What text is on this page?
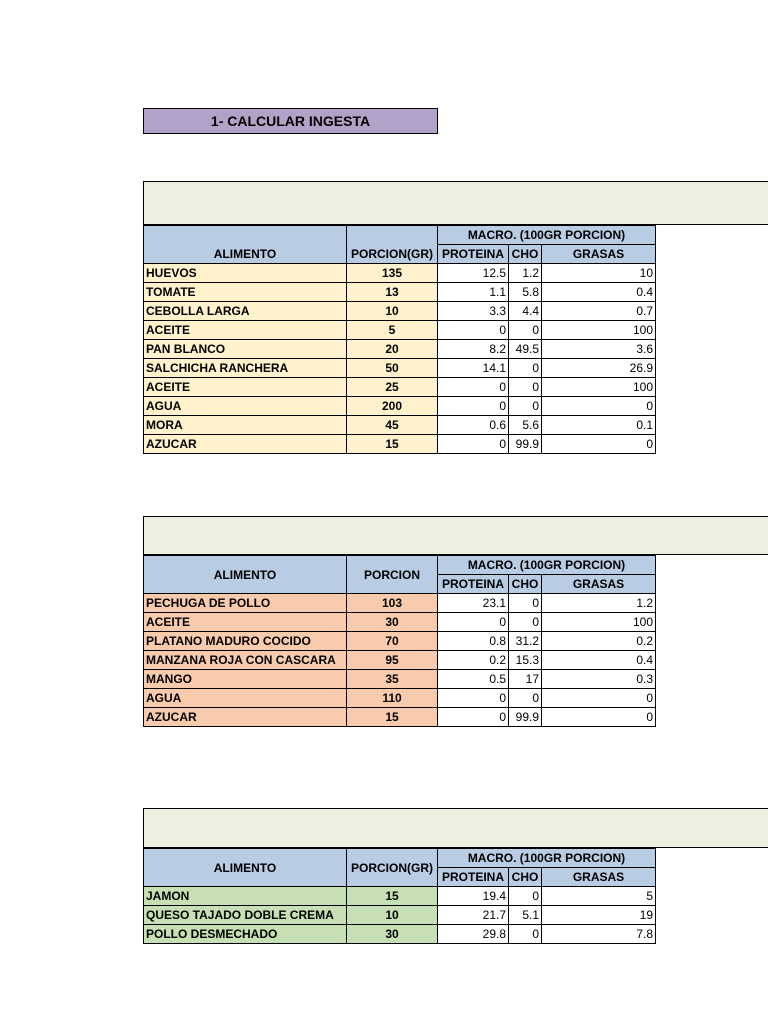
1- CALCULAR INGESTA
ALIMENTO	PORCION(GR)	MACRO. (100GR PORCION)		
		PROTEINA	CHO	GRASAS
HUEVOS	135	12.5	1.2	10
TOMATE	13	1.1	5.8	0.4
CEBOLLA LARGA	10	3.3	4.4	0.7
ACEITE	5	0	0	100
PAN BLANCO	20	8.2	49.5	3.6
SALCHICHA RANCHERA	50	14.1	0	26.9
ACEITE	25	0	0	100
AGUA	200	0	0	0
MORA	45	0.6	5.6	0.1
AZUCAR	15	0	99.9	0
ALIMENTO	PORCION	MACRO. (100GR PORCION)		
		PROTEINA	CHO	GRASAS
PECHUGA DE POLLO	103	23.1	0	1.2
ACEITE	30	0	0	100
PLATANO MADURO COCIDO	70	0.8	31.2	0.2
MANZANA ROJA CON CASCARA	95	0.2	15.3	0.4
MANGO	35	0.5	17	0.3
AGUA	110	0	0	0
AZUCAR	15	0	99.9	0
ALIMENTO	PORCION(GR)	MACRO. (100GR PORCION)		
		PROTEINA	CHO	GRASAS
JAMON	15	19.4	0	5
QUESO TAJADO DOBLE CREMA	10	21.7	5.1	19
POLLO DESMECHADO	30	29.8	0	7.8
